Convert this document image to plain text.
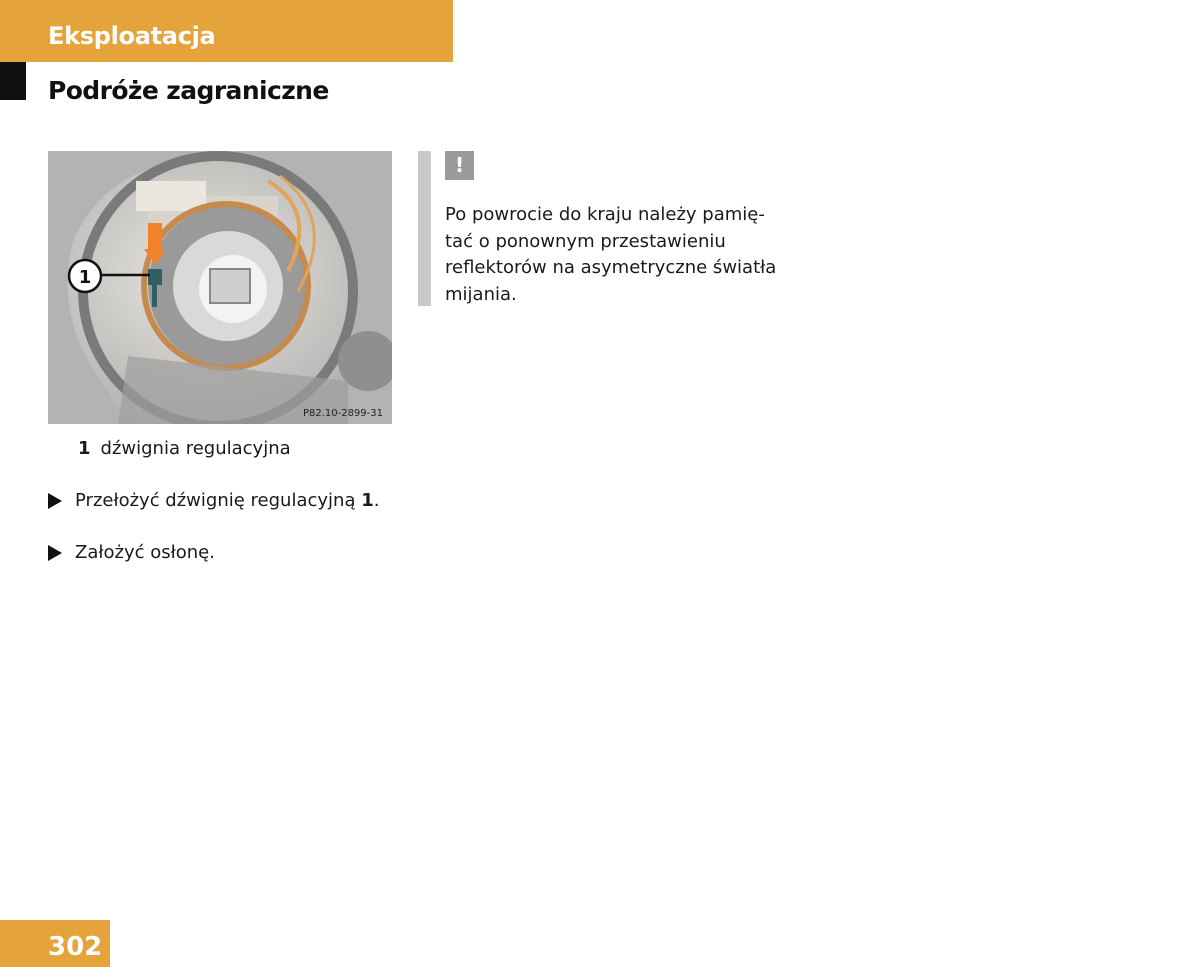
Eksploatacja
Podróże zagraniczne
1
P82.10-2899-31
1 dźwignia regulacyjna
Przełożyć dźwignię regulacyjną 1.
Założyć osłonę.
!
Po powrocie do kraju należy pamię-
tać o ponownym przestawieniu
reflektorów na asymetryczne światła
mijania.
302
